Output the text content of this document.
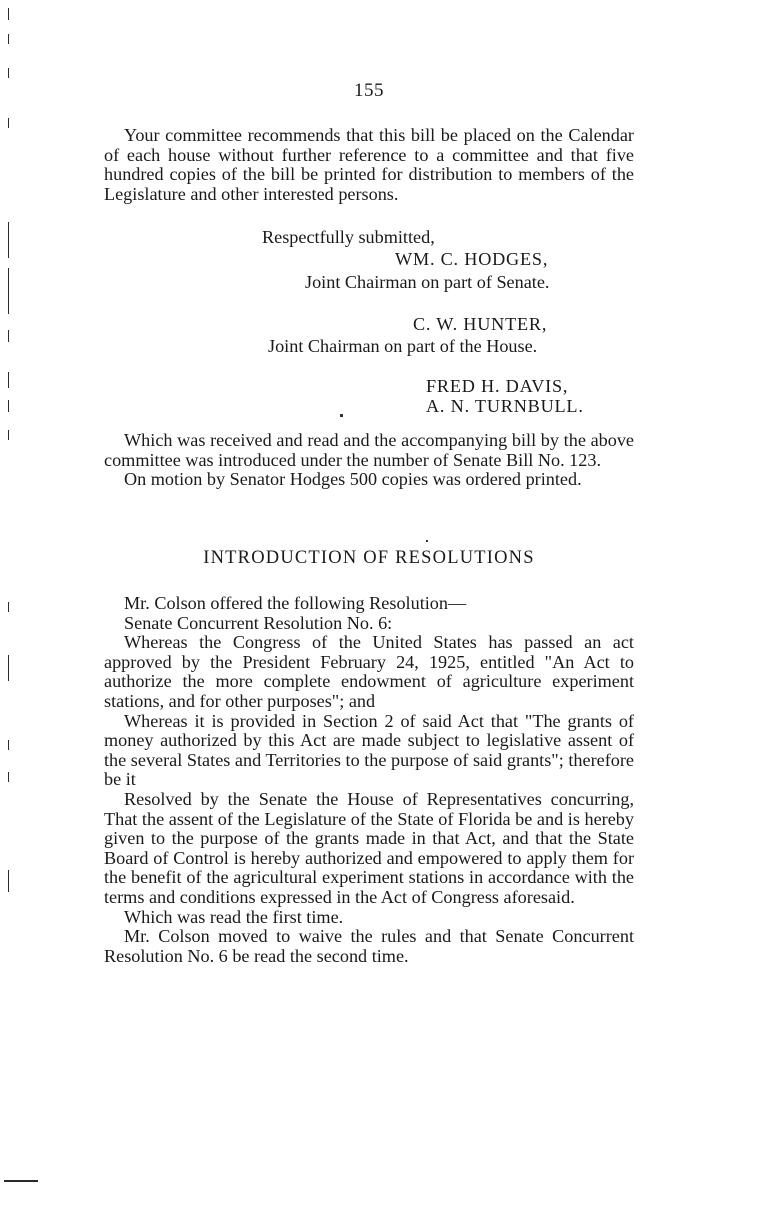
155

Your committee recommends that this bill be placed on the Calendar of each house without further reference to a committee and that five hundred copies of the bill be printed for distribution to members of the Legislature and other interested persons.

Respectfully submitted,
WM. C. HODGES,
Joint Chairman on part of Senate.
C. W. HUNTER,
Joint Chairman on part of the House.
FRED H. DAVIS,
A. N. TURNBULL.

Which was received and read and the accompanying bill by the above committee was introduced under the number of Senate Bill No. 123.

On motion by Senator Hodges 500 copies was ordered printed.

INTRODUCTION OF RESOLUTIONS

Mr. Colson offered the following Resolution—

Senate Concurrent Resolution No. 6:

Whereas the Congress of the United States has passed an act approved by the President February 24, 1925, entitled "An Act to authorize the more complete endowment of agriculture experiment stations, and for other purposes"; and

Whereas it is provided in Section 2 of said Act that "The grants of money authorized by this Act are made subject to legislative assent of the several States and Territories to the purpose of said grants"; therefore be it

Resolved by the Senate the House of Representatives concurring, That the assent of the Legislature of the State of Florida be and is hereby given to the purpose of the grants made in that Act, and that the State Board of Control is hereby authorized and empowered to apply them for the benefit of the agricultural experiment stations in accordance with the terms and conditions expressed in the Act of Congress aforesaid.

Which was read the first time.

Mr. Colson moved to waive the rules and that Senate Concurrent Resolution No. 6 be read the second time.
